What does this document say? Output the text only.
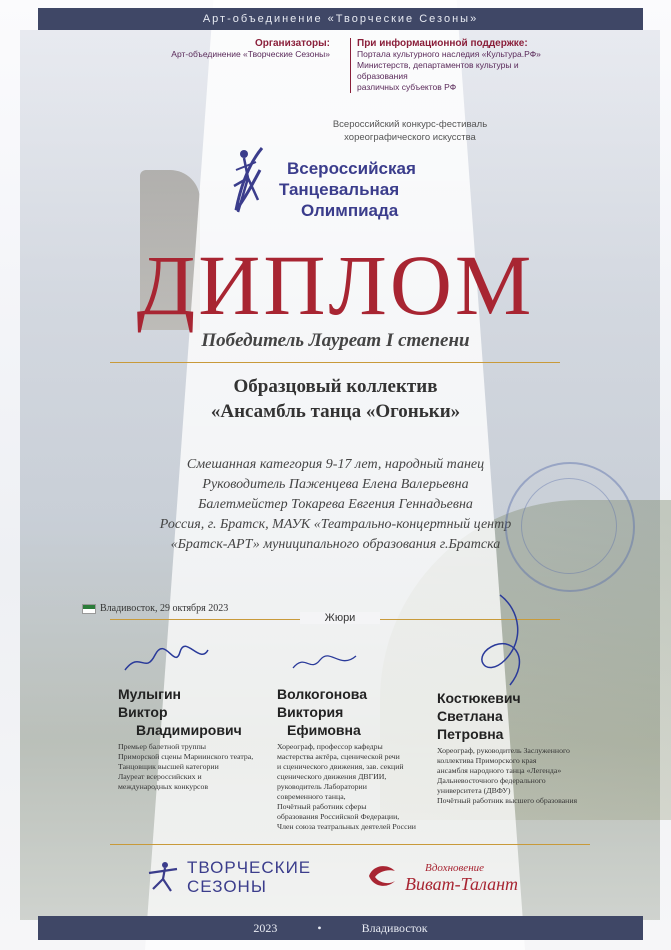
Арт-объединение «Творческие Сезоны»
Организаторы:
Арт-объединение «Творческие Сезоны»
При информационной поддержке:
Портала культурного наследия «Культура.РФ»
Министерств, департаментов культуры и образования
различных субъектов РФ
Всероссийский конкурс-фестиваль
хореографического искусства
Всероссийская
Танцевальная
Олимпиада
ДИПЛОМ
Победитель Лауреат I степени
Образцовый коллектив
«Ансамбль танца «Огоньки»
Смешанная категория 9-17 лет, народный танец
Руководитель Паженцева Елена Валерьевна
Балетмейстер Токарева Евгения Геннадьевна
Россия, г. Братск, МАУК «Театрально-концертный центр
«Братск-АРТ» муниципального образования г.Братска
Владивосток, 29 октября 2023
Жюри
Мулыгин
Виктор
Владимирович
Премьер балетной труппы
Приморской сцены Мариинского театра,
Танцовщик высшей категории
Лауреат всероссийских и
международных конкурсов
Волкогонова
Виктория
Ефимовна
Хореограф, профессор кафедры
мастерства актёра, сценической речи
и сценического движения, зав. секций
сценического движения ДВГИИ,
руководитель Лаборатории
современного танца,
Почётный работник сферы
образования Российской Федерации,
Член союза театральных деятелей России
Костюкевич
Светлана
Петровна
Хореограф, руководитель Заслуженного
коллектива Приморского края
ансамбля народного танца «Легенда»
Дальневосточного федерального
университета (ДВФУ)
Почётный работник высшего образования
ТВОРЧЕСКИЕ
СЕЗОНЫ
Вдохновение
Виват-Талант
2023	•	Владивосток
